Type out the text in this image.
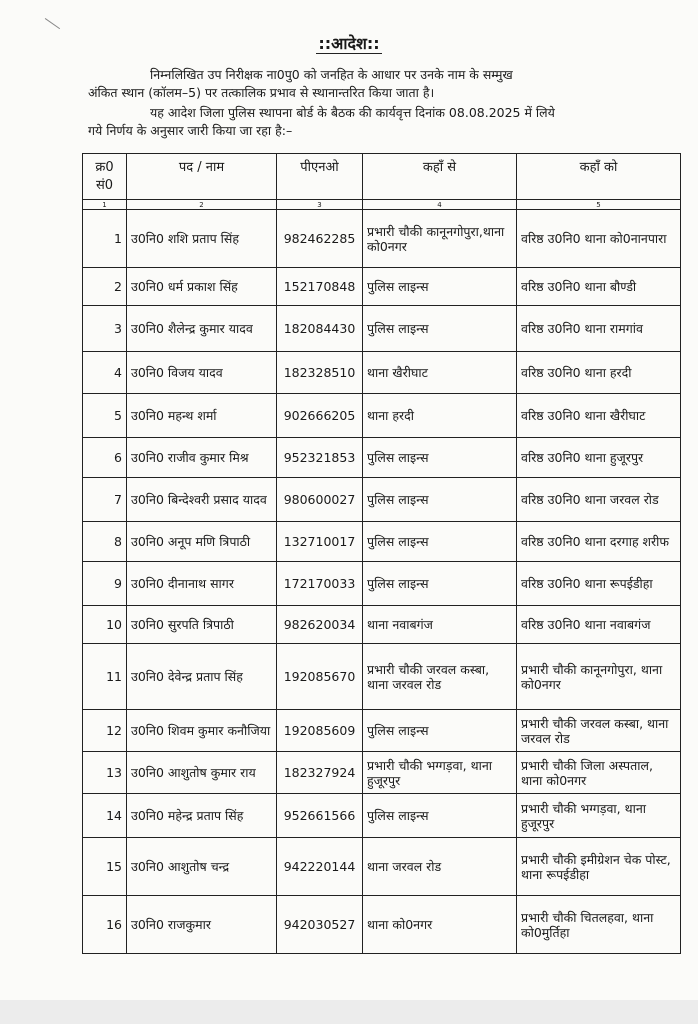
::आदेश::
निम्नलिखित उप निरीक्षक ना0पु0 को जनहित के आधार पर उनके नाम के सम्मुख
अंकित स्थान (कॉलम–5) पर तत्कालिक प्रभाव से स्थानान्तरित किया जाता है।
यह आदेश जिला पुलिस स्थापना बोर्ड के बैठक की कार्यवृत्त दिनांक 08.08.2025 में लिये
गये निर्णय के अनुसार जारी किया जा रहा है:–
क्र0 सं0	पद / नाम	पीएनओ	कहाँ से	कहाँ को
1	2	3	4	5
1	उ0नि0 शशि प्रताप सिंह	982462285	प्रभारी चौकी कानूनगोपुरा,थाना को0नगर	वरिष्ठ उ0नि0 थाना को0नानपारा
2	उ0नि0 धर्म प्रकाश सिंह	152170848	पुलिस लाइन्स	वरिष्ठ उ0नि0 थाना बौण्डी
3	उ0नि0 शैलेन्द्र कुमार यादव	182084430	पुलिस लाइन्स	वरिष्ठ उ0नि0 थाना रामगांव
4	उ0नि0 विजय यादव	182328510	थाना खैरीघाट	वरिष्ठ उ0नि0 थाना हरदी
5	उ0नि0 महन्थ शर्मा	902666205	थाना हरदी	वरिष्ठ उ0नि0 थाना खैरीघाट
6	उ0नि0 राजीव कुमार मिश्र	952321853	पुलिस लाइन्स	वरिष्ठ उ0नि0 थाना हुजूरपुर
7	उ0नि0 बिन्देश्वरी प्रसाद यादव	980600027	पुलिस लाइन्स	वरिष्ठ उ0नि0 थाना जरवल रोड
8	उ0नि0 अनूप मणि त्रिपाठी	132710017	पुलिस लाइन्स	वरिष्ठ उ0नि0 थाना दरगाह शरीफ
9	उ0नि0 दीनानाथ सागर	172170033	पुलिस लाइन्स	वरिष्ठ उ0नि0 थाना रूपईडीहा
10	उ0नि0 सुरपति त्रिपाठी	982620034	थाना नवाबगंज	वरिष्ठ उ0नि0 थाना नवाबगंज
11	उ0नि0 देवेन्द्र प्रताप सिंह	192085670	प्रभारी चौकी जरवल कस्बा, थाना जरवल रोड	प्रभारी चौकी कानूनगोपुरा, थाना को0नगर
12	उ0नि0 शिवम कुमार कनौजिया	192085609	पुलिस लाइन्स	प्रभारी चौकी जरवल कस्बा, थाना जरवल रोड
13	उ0नि0 आशुतोष कुमार राय	182327924	प्रभारी चौकी भग्गड़वा, थाना हुजूरपुर	प्रभारी चौकी जिला अस्पताल, थाना को0नगर
14	उ0नि0 महेन्द्र प्रताप सिंह	952661566	पुलिस लाइन्स	प्रभारी चौकी भग्गड़वा, थाना हुजूरपुर
15	उ0नि0 आशुतोष चन्द्र	942220144	थाना जरवल रोड	प्रभारी चौकी इमीग्रेशन चेक पोस्ट, थाना रूपईडीहा
16	उ0नि0 राजकुमार	942030527	थाना को0नगर	प्रभारी चौकी चितलहवा, थाना को0मुर्तिहा
